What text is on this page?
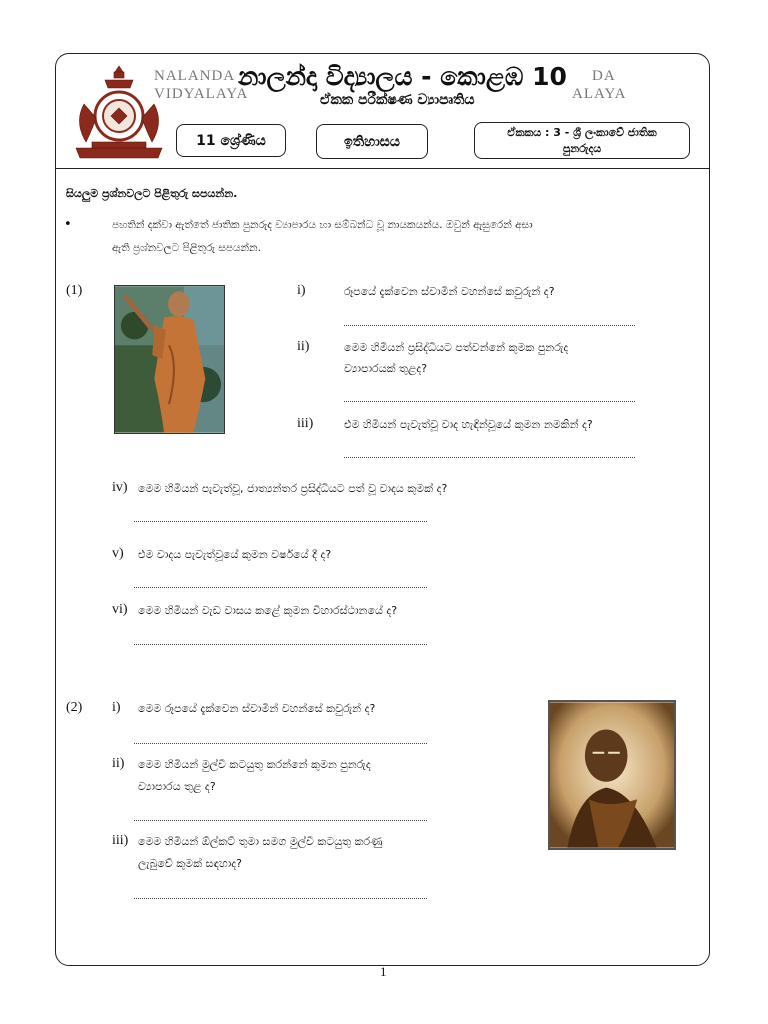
NALANDA
VIDYALAYA
DA
ALAYA
නාලන්දා විද්‍යාලය - කොළඹ 10
ඒකක පරීක්ෂණ ව්‍යාපෘතිය
11 ශ්‍රේණිය	ඉතිහාසය
ඒකකය : 3 - ශ්‍රී ලංකාවේ ජාතික
පුනරුදය
සියලුම ප්‍රශ්නවලට පිළිතුරු සපයන්න.
•	පහතින් දක්වා ඇත්තේ ජාතික පුනරුද ව්‍යාපාරය හා සම්බන්ධ වූ නායකයන්ය. ඔවුන් ඇසුරෙන් අසා
ඇති ප්‍රශ්නවලට පිළිතුරු සපයන්න.
(1)	i)	රූපයේ දැක්වෙන ස්වාමීන් වහන්සේ කවුරුන් ද?
ii)	මෙම හිමියන් ප්‍රසිද්ධියට පත්වන්නේ කුමක පුනරුද
ව්‍යාපාරයක් තුළද?
iii)	එම හිමියන් පැවැත්වූ වාද හැඳින්වූයේ කුමන නමකින් ද?
iv) මෙම හිමියන් පැවැත්වූ, ජාත්‍යන්තර ප්‍රසිද්ධියට පත් වූ වාදය කුමක් ද?
v) එම වාදය පැවැත්වූයේ කුමන වර්ෂයේ දී ද?
vi) මෙම හිමියන් වැඩ වාසය කළේ කුමන විහාරස්ථානයේ ද?
(2) i) මෙම රූපයේ දැක්වෙන ස්වාමීන් වහන්සේ කවුරුන් ද?
ii) මෙම හිමියන් මුල්වී කටයුතු කරන්නේ කුමන පුනරුද
ව්‍යාපාරය තුළ ද?
iii) මෙම හිමියන් ඕල්කට් තුමා සමග මුල්වී කටයුතු කරණු
ලැබුවේ කුමක් සඳහාද?
1
